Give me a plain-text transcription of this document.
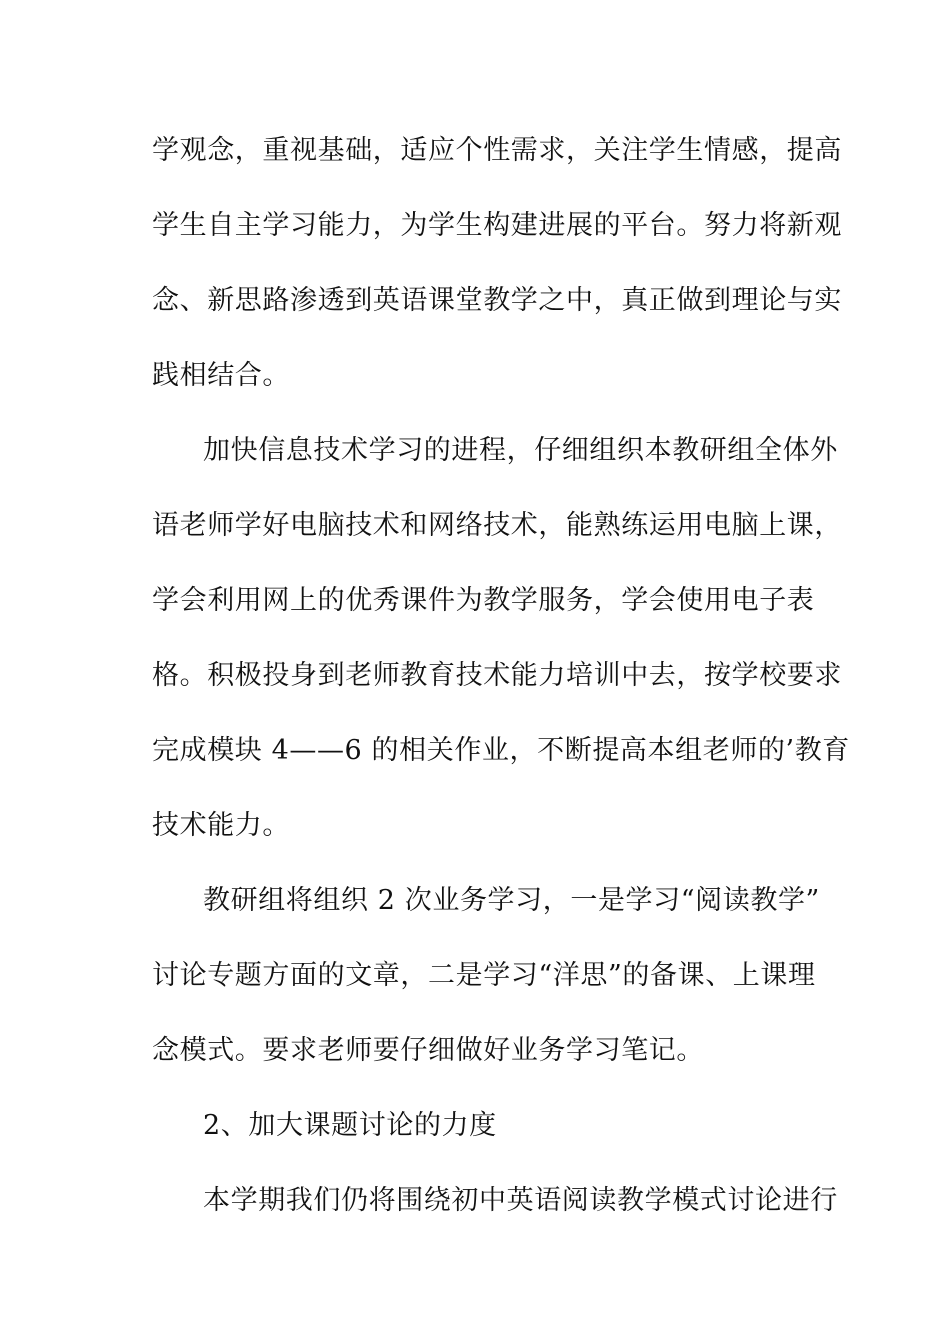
学观念，重视基础，适应个性需求，关注学生情感，提高
学生自主学习能力，为学生构建进展的平台。努力将新观
念、新思路渗透到英语课堂教学之中，真正做到理论与实
践相结合。
加快信息技术学习的进程，仔细组织本教研组全体外
语老师学好电脑技术和网络技术，能熟练运用电脑上课，
学会利用网上的优秀课件为教学服务，学会使用电子表
格。积极投身到老师教育技术能力培训中去，按学校要求
完成模块 4——6 的相关作业，不断提高本组老师的’教育
技术能力。
教研组将组织 2 次业务学习，一是学习“阅读教学”
讨论专题方面的文章，二是学习“洋思”的备课、上课理
念模式。要求老师要仔细做好业务学习笔记。
2、加大课题讨论的力度
本学期我们仍将围绕初中英语阅读教学模式讨论进行
